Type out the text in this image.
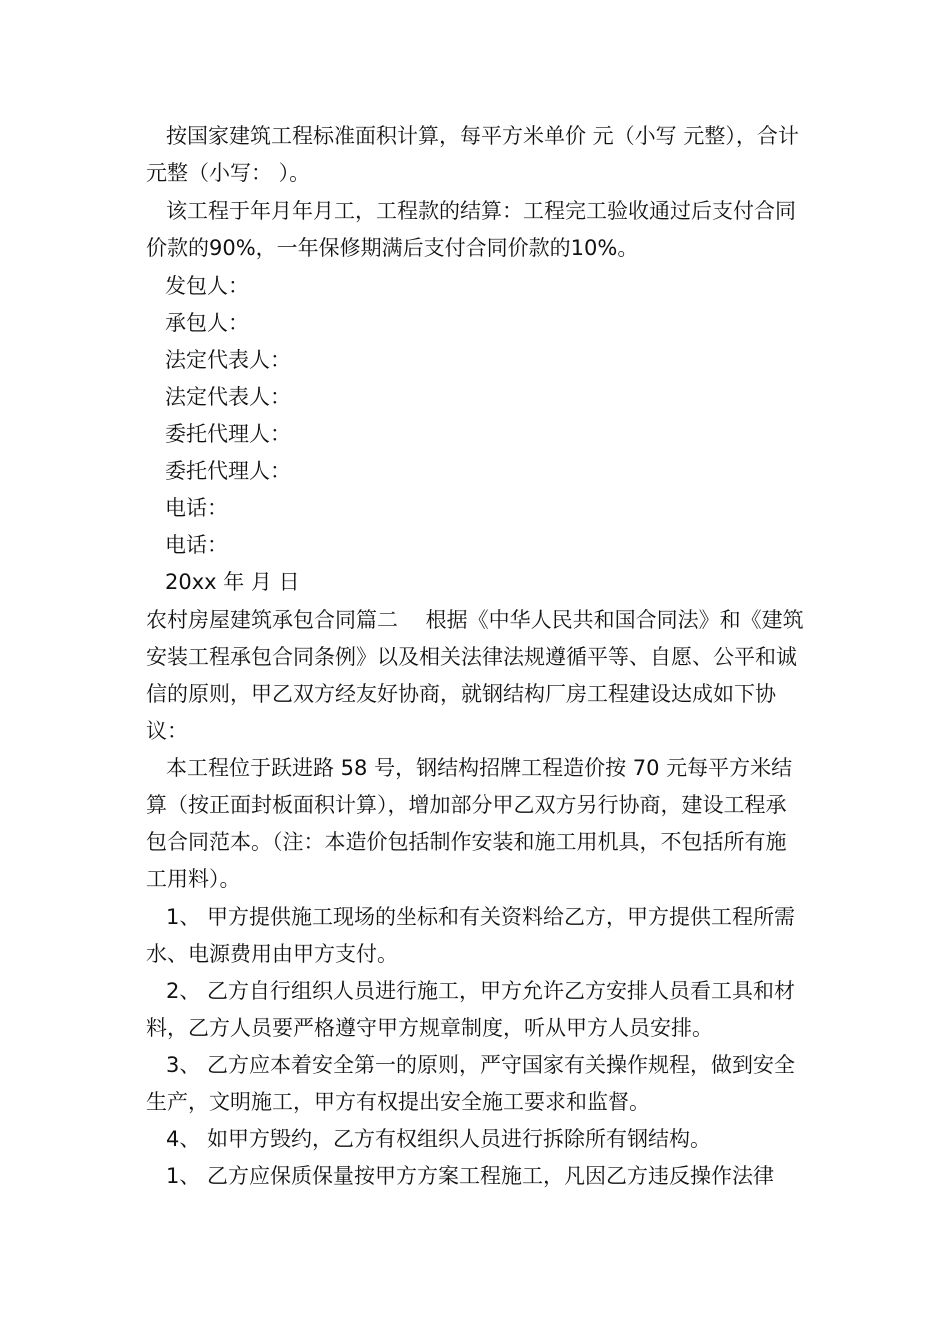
按国家建筑工程标准面积计算，每平方米单价 元（小写 元整），合计 元整（小写： ）。

该工程于年月年月工，工程款的结算：工程完工验收通过后支付合同价款的90%，一年保修期满后支付合同价款的10%。

发包人：

承包人：

法定代表人：

法定代表人：

委托代理人：

委托代理人：

电话：

电话：

20xx 年 月 日

农村房屋建筑承包合同篇二　 根据《中华人民共和国合同法》和《建筑安装工程承包合同条例》以及相关法律法规遵循平等、自愿、公平和诚信的原则，甲乙双方经友好协商，就钢结构厂房工程建设达成如下协议：

本工程位于跃进路 58 号，钢结构招牌工程造价按 70 元每平方米结算（按正面封板面积计算），增加部分甲乙双方另行协商，建设工程承包合同范本。（注：本造价包括制作安装和施工用机具，不包括所有施工用料）。

1、 甲方提供施工现场的坐标和有关资料给乙方，甲方提供工程所需水、电源费用由甲方支付。

2、 乙方自行组织人员进行施工，甲方允许乙方安排人员看工具和材料，乙方人员要严格遵守甲方规章制度，听从甲方人员安排。

3、 乙方应本着安全第一的原则，严守国家有关操作规程，做到安全生产，文明施工，甲方有权提出安全施工要求和监督。

4、 如甲方毁约，乙方有权组织人员进行拆除所有钢结构。

1、 乙方应保质保量按甲方方案工程施工，凡因乙方违反操作法律
